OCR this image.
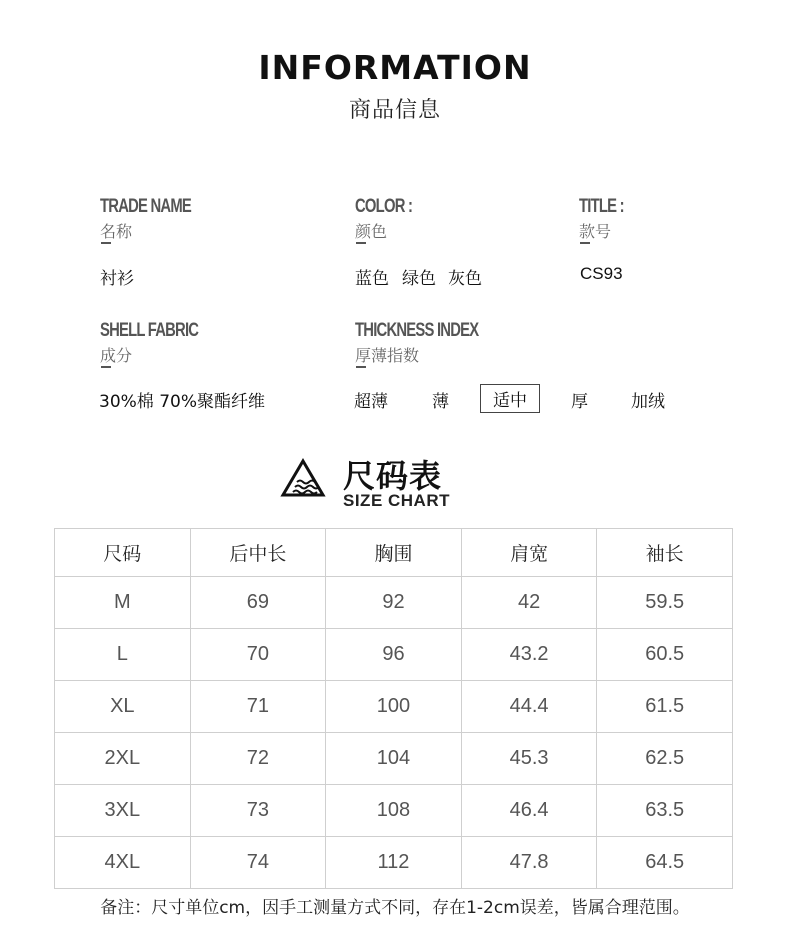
INFORMATION
商品信息
TRADE NAME
名称
衬衫
COLOR :
颜色
蓝色 绿色 灰色
TITLE :
款号
CS93
SHELL FABRIC
成分
30%棉 70%聚酯纤维
THICKNESS INDEX
厚薄指数
超薄	薄	适中	厚	加绒
尺码表
SIZE CHART
尺码	后中长	胸围	肩宽	袖长
M	69	92	42	59.5
L	70	96	43.2	60.5
XL	71	100	44.4	61.5
2XL	72	104	45.3	62.5
3XL	73	108	46.4	63.5
4XL	74	112	47.8	64.5
备注：尺寸单位cm，因手工测量方式不同，存在1-2cm误差，皆属合理范围。
